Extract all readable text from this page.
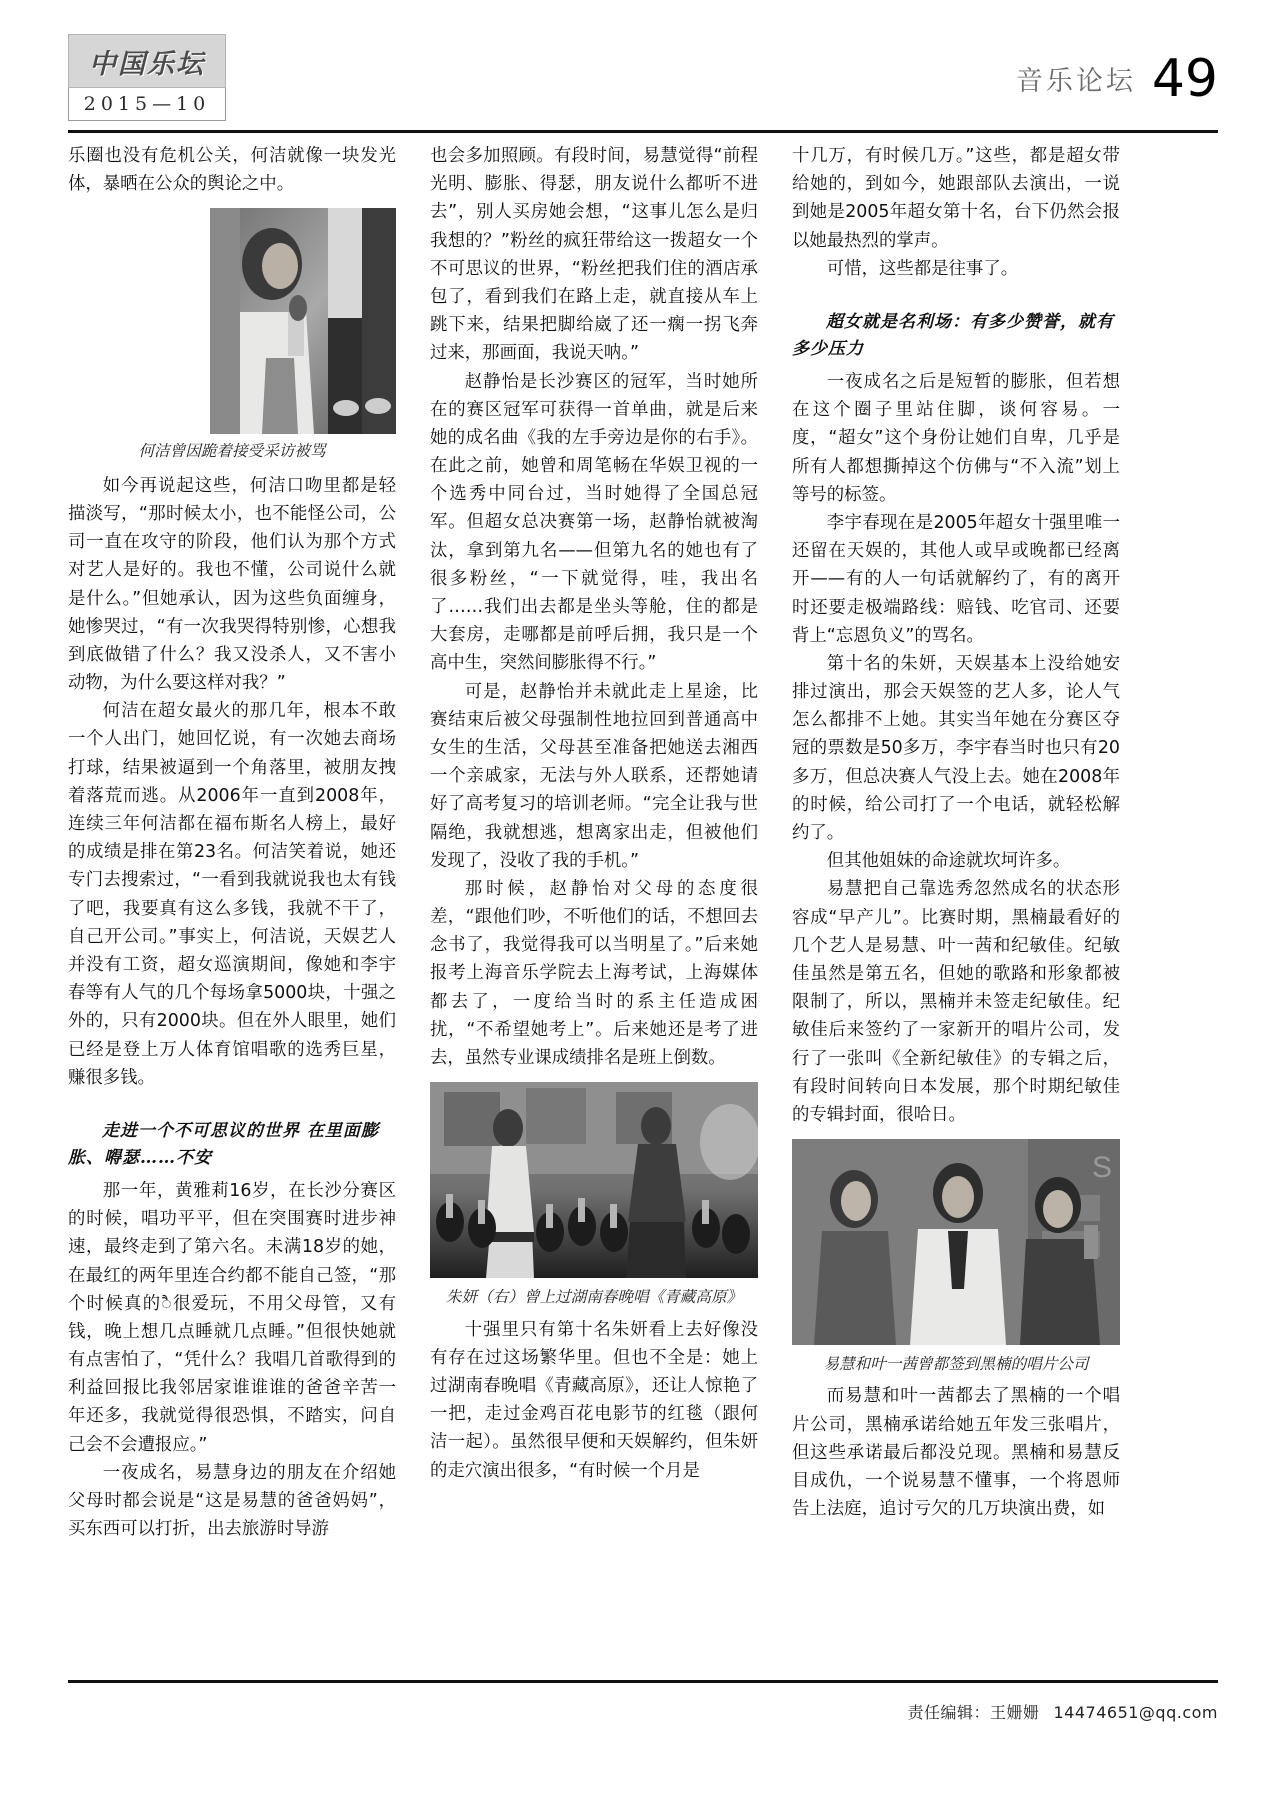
中国乐坛
2015—10
音乐论坛 49

乐圈也没有危机公关，何洁就像一块发光体，暴晒在公众的舆论之中。

何洁曾因跪着接受采访被骂

如今再说起这些，何洁口吻里都是轻描淡写，“那时候太小，也不能怪公司，公司一直在攻守的阶段，他们认为那个方式对艺人是好的。我也不懂，公司说什么就是什么。”但她承认，因为这些负面缠身，她惨哭过，“有一次我哭得特别惨，心想我到底做错了什么？我又没杀人，又不害小动物，为什么要这样对我？”

何洁在超女最火的那几年，根本不敢一个人出门，她回忆说，有一次她去商场打球，结果被逼到一个角落里，被朋友拽着落荒而逃。从2006年一直到2008年，连续三年何洁都在福布斯名人榜上，最好的成绩是排在第23名。何洁笑着说，她还专门去搜索过，“一看到我就说我也太有钱了吧，我要真有这么多钱，我就不干了，自己开公司。”事实上，何洁说，天娱艺人并没有工资，超女巡演期间，像她和李宇春等有人气的几个每场拿5000块，十强之外的，只有2000块。但在外人眼里，她们已经是登上万人体育馆唱歌的选秀巨星，赚很多钱。

走进一个不可思议的世界 在里面膨胀、嘚瑟……不安

那一年，黄雅莉16岁，在长沙分赛区的时候，唱功平平，但在突围赛时进步神速，最终走到了第六名。未满18岁的她，在最红的两年里连合约都不能自己签，“那个时候真的ै很爱玩，不用父母管，又有钱，晚上想几点睡就几点睡。”但很快她就有点害怕了，“凭什么？我唱几首歌得到的利益回报比我邻居家谁谁谁的爸爸辛苦一年还多，我就觉得很恐惧，不踏实，问自己会不会遭报应。”

一夜成名，易慧身边的朋友在介绍她父母时都会说是“这是易慧的爸爸妈妈”，买东西可以打折，出去旅游时导游

也会多加照顾。有段时间，易慧觉得“前程光明、膨胀、得瑟，朋友说什么都听不进去”，别人买房她会想，“这事儿怎么是归我想的？”粉丝的疯狂带给这一拨超女一个不可思议的世界，“粉丝把我们住的酒店承包了，看到我们在路上走，就直接从车上跳下来，结果把脚给崴了还一瘸一拐飞奔过来，那画面，我说天呐。”

赵静怡是长沙赛区的冠军，当时她所在的赛区冠军可获得一首单曲，就是后来她的成名曲《我的左手旁边是你的右手》。在此之前，她曾和周笔畅在华娱卫视的一个选秀中同台过，当时她得了全国总冠军。但超女总决赛第一场，赵静怡就被淘汰，拿到第九名——但第九名的她也有了很多粉丝，“一下就觉得，哇，我出名了……我们出去都是坐头等舱，住的都是大套房，走哪都是前呼后拥，我只是一个高中生，突然间膨胀得不行。”

可是，赵静怡并未就此走上星途，比赛结束后被父母强制性地拉回到普通高中女生的生活，父母甚至准备把她送去湘西一个亲戚家，无法与外人联系，还帮她请好了高考复习的培训老师。“完全让我与世隔绝，我就想逃，想离家出走，但被他们发现了，没收了我的手机。”

那时候，赵静怡对父母的态度很差，“跟他们吵，不听他们的话，不想回去念书了，我觉得我可以当明星了。”后来她报考上海音乐学院去上海考试，上海媒体都去了，一度给当时的系主任造成困扰，“不希望她考上”。后来她还是考了进去，虽然专业课成绩排名是班上倒数。

朱妍（右）曾上过湖南春晚唱《青藏高原》

十强里只有第十名朱妍看上去好像没有存在过这场繁华里。但也不全是：她上过湖南春晚唱《青藏高原》，还让人惊艳了一把，走过金鸡百花电影节的红毯（跟何洁一起）。虽然很早便和天娱解约，但朱妍的走穴演出很多，“有时候一个月是

十几万，有时候几万。”这些，都是超女带给她的，到如今，她跟部队去演出，一说到她是2005年超女第十名，台下仍然会报以她最热烈的掌声。

可惜，这些都是往事了。

超女就是名利场：有多少赞誉，就有多少压力

一夜成名之后是短暂的膨胀，但若想在这个圈子里站住脚，谈何容易。一度，“超女”这个身份让她们自卑，几乎是所有人都想撕掉这个仿佛与“不入流”划上等号的标签。

李宇春现在是2005年超女十强里唯一还留在天娱的，其他人或早或晚都已经离开——有的人一句话就解约了，有的离开时还要走极端路线：赔钱、吃官司、还要背上“忘恩负义”的骂名。

第十名的朱妍，天娱基本上没给她安排过演出，那会天娱签的艺人多，论人气怎么都排不上她。其实当年她在分赛区夺冠的票数是50多万，李宇春当时也只有20多万，但总决赛人气没上去。她在2008年的时候，给公司打了一个电话，就轻松解约了。

但其他姐妹的命途就坎坷许多。

易慧把自己靠选秀忽然成名的状态形容成“早产儿”。比赛时期，黑楠最看好的几个艺人是易慧、叶一茜和纪敏佳。纪敏佳虽然是第五名，但她的歌路和形象都被限制了，所以，黑楠并未签走纪敏佳。纪敏佳后来签约了一家新开的唱片公司，发行了一张叫《全新纪敏佳》的专辑之后，有段时间转向日本发展，那个时期纪敏佳的专辑封面，很哈日。

S
易慧和叶一茜曾都签到黑楠的唱片公司

而易慧和叶一茜都去了黑楠的一个唱片公司，黑楠承诺给她五年发三张唱片，但这些承诺最后都没兑现。黑楠和易慧反目成仇，一个说易慧不懂事，一个将恩师告上法庭，追讨亏欠的几万块演出费，如

责任编辑：王姗姗 14474651@qq.com
